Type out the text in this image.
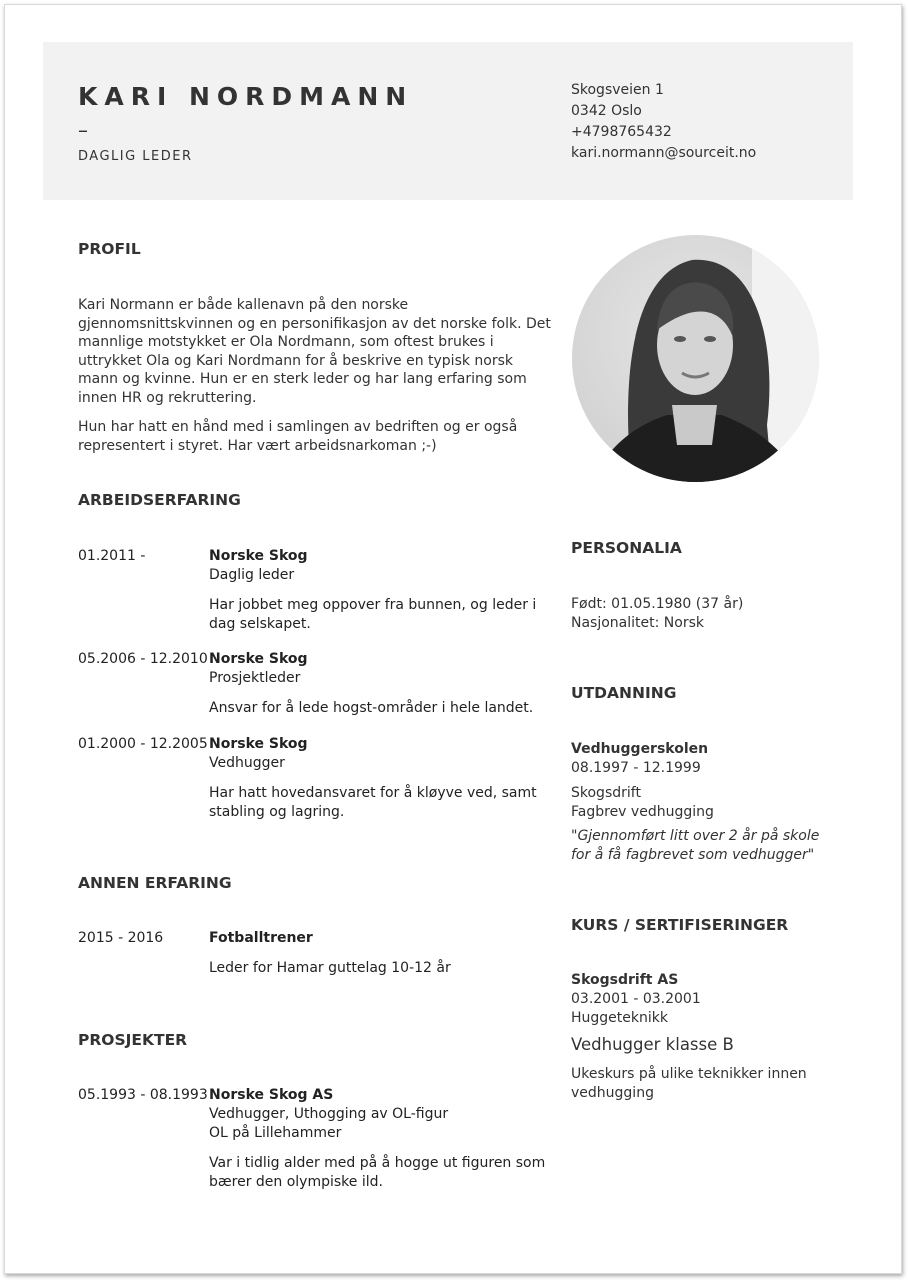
KARI NORDMANN
–
DAGLIG LEDER
Skogsveien 1
0342 Oslo
+4798765432
kari.normann@sourceit.no
PROFIL

Kari Normann er både kallenavn på den norske gjennomsnittskvinnen og en personifikasjon av det norske folk. Det mannlige motstykket er Ola Nordmann, som oftest brukes i uttrykket Ola og Kari Nordmann for å beskrive en typisk norsk mann og kvinne. Hun er en sterk leder og har lang erfaring som innen HR og rekruttering.

Hun har hatt en hånd med i samlingen av bedriften og er også representert i styret. Har vært arbeidsnarkoman ;-)

ARBEIDSERFARING
01.2011 -	Norske Skog
Daglig leder
Har jobbet meg oppover fra bunnen, og leder i dag selskapet.
05.2006 - 12.2010 Norske Skog
Prosjektleder
Ansvar for å lede hogst-områder i hele landet.
01.2000 - 12.2005 Norske Skog
Vedhugger
Har hatt hovedansvaret for å kløyve ved, samt stabling og lagring.
ANNEN ERFARING
2015 - 2016	Fotballtrener
Leder for Hamar guttelag 10-12 år
PROSJEKTER
05.1993 - 08.1993 Norske Skog AS
Vedhugger, Uthogging av OL-figur
OL på Lillehammer
Var i tidlig alder med på å hogge ut figuren som bærer den olympiske ild.
PERSONALIA
Født: 01.05.1980 (37 år)
Nasjonalitet: Norsk
UTDANNING
Vedhuggerskolen
08.1997 - 12.1999
Skogsdrift
Fagbrev vedhugging
"Gjennomført litt over 2 år på skole for å få fagbrevet som vedhugger"
KURS / SERTIFISERINGER
Skogsdrift AS
03.2001 - 03.2001
Huggeteknikk
Vedhugger klasse B
Ukeskurs på ulike teknikker innen vedhugging
